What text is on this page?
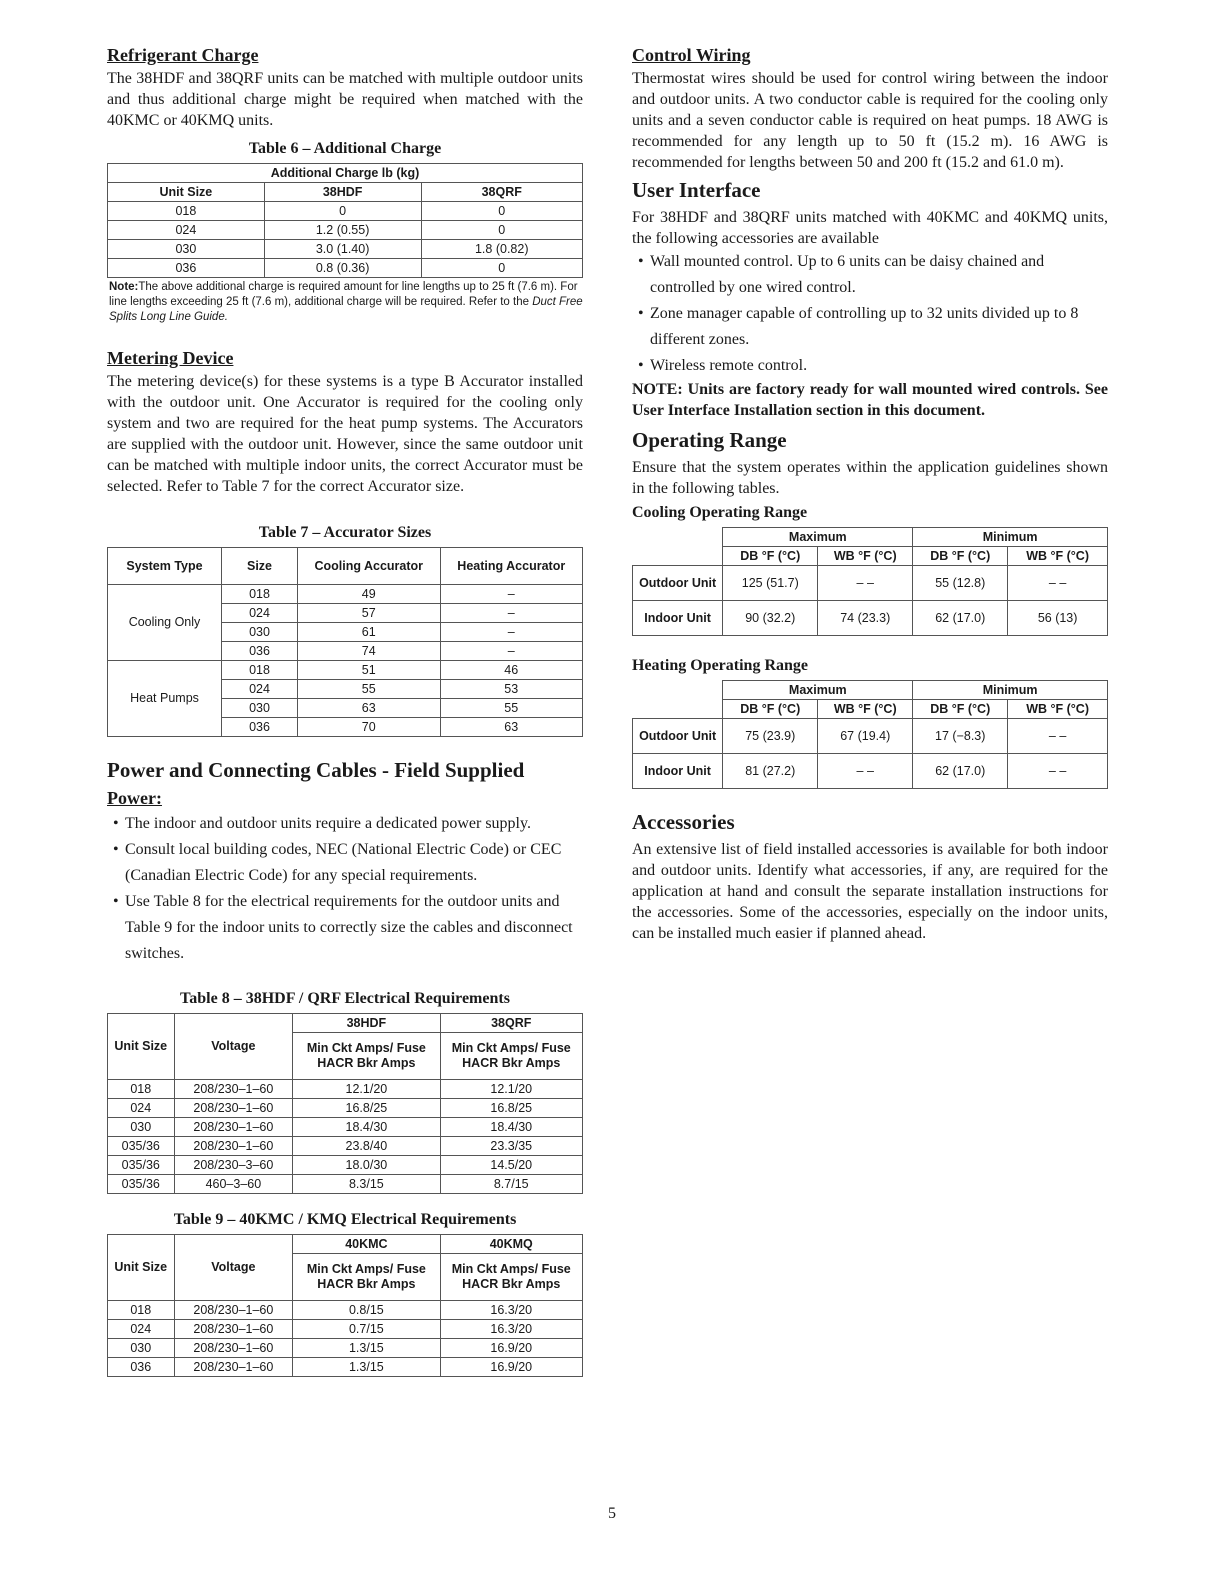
Refrigerant Charge

The 38HDF and 38QRF units can be matched with multiple outdoor units and thus additional charge might be required when matched with the 40KMC or 40KMQ units.

Table 6 – Additional Charge

Additional Charge lb (kg)		
Unit Size	38HDF	38QRF
018	0	0
024	1.2 (0.55)	0
030	3.0 (1.40)	1.8 (0.82)
036	0.8 (0.36)	0

Note:The above additional charge is required amount for line lengths up to 25 ft (7.6 m). For line lengths exceeding 25 ft (7.6 m), additional charge will be required. Refer to the Duct Free Splits Long Line Guide.

Metering Device

The metering device(s) for these systems is a type B Accurator installed with the outdoor unit. One Accurator is required for the cooling only system and two are required for the heat pump systems. The Accurators are supplied with the outdoor unit. However, since the same outdoor unit can be matched with multiple indoor units, the correct Accurator must be selected. Refer to Table 7 for the correct Accurator size.

Table 7 – Accurator Sizes

System Type	Size	Cooling Accurator	Heating Accurator
Cooling Only	018	49	–
	024	57	–
	030	61	–
	036	74	–
Heat Pumps	018	51	46
	024	55	53
	030	63	55
	036	70	63
Power and Connecting Cables - Field Supplied
Power:
• The indoor and outdoor units require a dedicated power supply.
• Consult local building codes, NEC (National Electric Code) or CEC (Canadian Electric Code) for any special requirements.
• Use Table 8 for the electrical requirements for the outdoor units and Table 9 for the indoor units to correctly size the cables and disconnect switches.

Table 8 – 38HDF / QRF Electrical Requirements

Unit Size	Voltage	38HDF	38QRF
		Min Ckt Amps/ Fuse HACR Bkr Amps	Min Ckt Amps/ Fuse HACR Bkr Amps
018	208/230–1–60	12.1/20	12.1/20
024	208/230–1–60	16.8/25	16.8/25
030	208/230–1–60	18.4/30	18.4/30
035/36	208/230–1–60	23.8/40	23.3/35
035/36	208/230–3–60	18.0/30	14.5/20
035/36	460–3–60	8.3/15	8.7/15

Table 9 – 40KMC / KMQ Electrical Requirements

Unit Size	Voltage	40KMC	40KMQ
		Min Ckt Amps/ Fuse HACR Bkr Amps	Min Ckt Amps/ Fuse HACR Bkr Amps
018	208/230–1–60	0.8/15	16.3/20
024	208/230–1–60	0.7/15	16.3/20
030	208/230–1–60	1.3/15	16.9/20
036	208/230–1–60	1.3/15	16.9/20
Control Wiring

Thermostat wires should be used for control wiring between the indoor and outdoor units. A two conductor cable is required for the cooling only units and a seven conductor cable is required on heat pumps. 18 AWG is recommended for any length up to 50 ft (15.2 m). 16 AWG is recommended for lengths between 50 and 200 ft (15.2 and 61.0 m).

User Interface

For 38HDF and 38QRF units matched with 40KMC and 40KMQ units, the following accessories are available

• Wall mounted control. Up to 6 units can be daisy chained and controlled by one wired control.
• Zone manager capable of controlling up to 32 units divided up to 8 different zones.
• Wireless remote control.

NOTE: Units are factory ready for wall mounted wired controls. See User Interface Installation section in this document.

Operating Range

Ensure that the system operates within the application guidelines shown in the following tables.

Cooling Operating Range
	Maximum		Minimum	
	DB °F (°C)	WB °F (°C)	DB °F (°C)	WB °F (°C)
Outdoor Unit	125 (51.7)	– –	55 (12.8)	– –
Indoor Unit	90 (32.2)	74 (23.3)	62 (17.0)	56 (13)
Heating Operating Range
	Maximum		Minimum	
	DB °F (°C)	WB °F (°C)	DB °F (°C)	WB °F (°C)
Outdoor Unit	75 (23.9)	67 (19.4)	17 (−8.3)	– –
Indoor Unit	81 (27.2)	– –	62 (17.0)	– –
Accessories

An extensive list of field installed accessories is available for both indoor and outdoor units. Identify what accessories, if any, are required for the application at hand and consult the separate installation instructions for the accessories. Some of the accessories, especially on the indoor units, can be installed much easier if planned ahead.

5
